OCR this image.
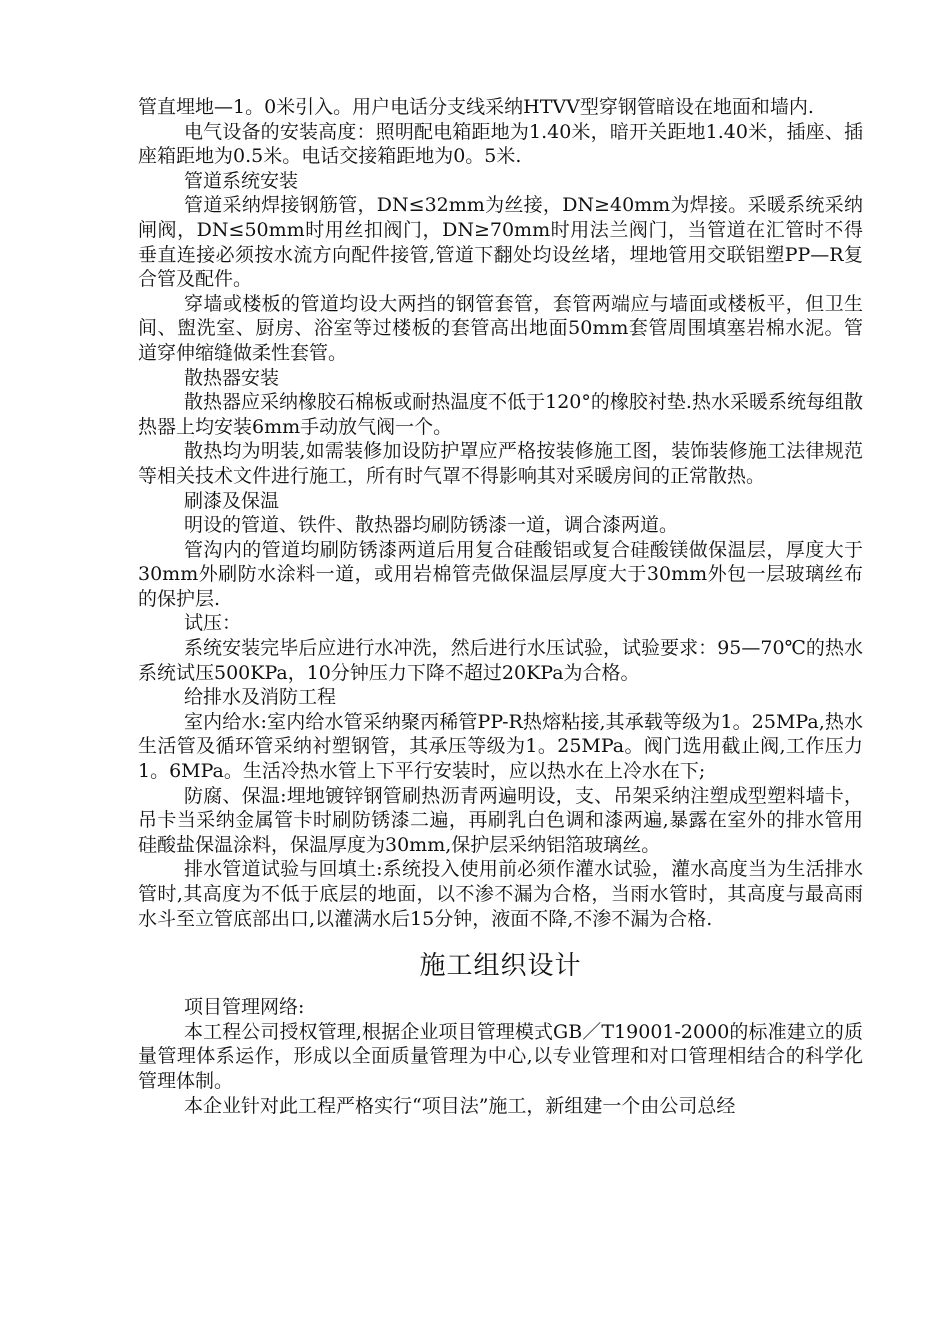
管直埋地—1。0米引入。用户电话分支线采纳HTVV型穿钢管暗设在地面和墙内.

电气设备的安装高度：照明配电箱距地为1.40米，暗开关距地1.40米，插座、插座箱距地为0.5米。电话交接箱距地为0。5米.

管道系统安装

管道采纳焊接钢筋管，DN≤32mm为丝接，DN≥40mm为焊接。采暖系统采纳闸阀，DN≤50mm时用丝扣阀门，DN≥70mm时用法兰阀门，当管道在汇管时不得垂直连接必须按水流方向配件接管,管道下翻处均设丝堵，埋地管用交联铝塑PP—R复合管及配件。

穿墙或楼板的管道均设大两挡的钢管套管，套管两端应与墙面或楼板平，但卫生间、盥洗室、厨房、浴室等过楼板的套管高出地面50mm套管周围填塞岩棉水泥。管道穿伸缩缝做柔性套管。

散热器安装

散热器应采纳橡胶石棉板或耐热温度不低于120°的橡胶衬垫.热水采暖系统每组散热器上均安装6mm手动放气阀一个。

散热均为明装,如需装修加设防护罩应严格按装修施工图，装饰装修施工法律规范等相关技术文件进行施工，所有时气罩不得影响其对采暖房间的正常散热。

刷漆及保温

明设的管道、铁件、散热器均刷防锈漆一道，调合漆两道。

管沟内的管道均刷防锈漆两道后用复合硅酸铝或复合硅酸镁做保温层，厚度大于30mm外刷防水涂料一道，或用岩棉管壳做保温层厚度大于30mm外包一层玻璃丝布的保护层.

试压：

系统安装完毕后应进行水冲洗，然后进行水压试验，试验要求：95—70℃的热水系统试压500KPa，10分钟压力下降不超过20KPa为合格。

给排水及消防工程

室内给水:室内给水管采纳聚丙稀管PP-R热熔粘接,其承载等级为1。25MPa,热水生活管及循环管采纳衬塑钢管，其承压等级为1。25MPa。阀门选用截止阀,工作压力1。6MPa。生活冷热水管上下平行安装时，应以热水在上冷水在下;

防腐、保温:埋地镀锌钢管刷热沥青两遍明设，支、吊架采纳注塑成型塑料墙卡，吊卡当采纳金属管卡时刷防锈漆二遍，再刷乳白色调和漆两遍,暴露在室外的排水管用硅酸盐保温涂料，保温厚度为30mm,保护层采纳铝箔玻璃丝。

排水管道试验与回填土:系统投入使用前必须作灌水试验，灌水高度当为生活排水管时,其高度为不低于底层的地面，以不渗不漏为合格，当雨水管时，其高度与最高雨水斗至立管底部出口,以灌满水后15分钟，液面不降,不渗不漏为合格.

施工组织设计

项目管理网络:

本工程公司授权管理,根据企业项目管理模式GB／T19001-2000的标准建立的质量管理体系运作，形成以全面质量管理为中心,以专业管理和对口管理相结合的科学化管理体制。

本企业针对此工程严格实行“项目法”施工，新组建一个由公司总经
